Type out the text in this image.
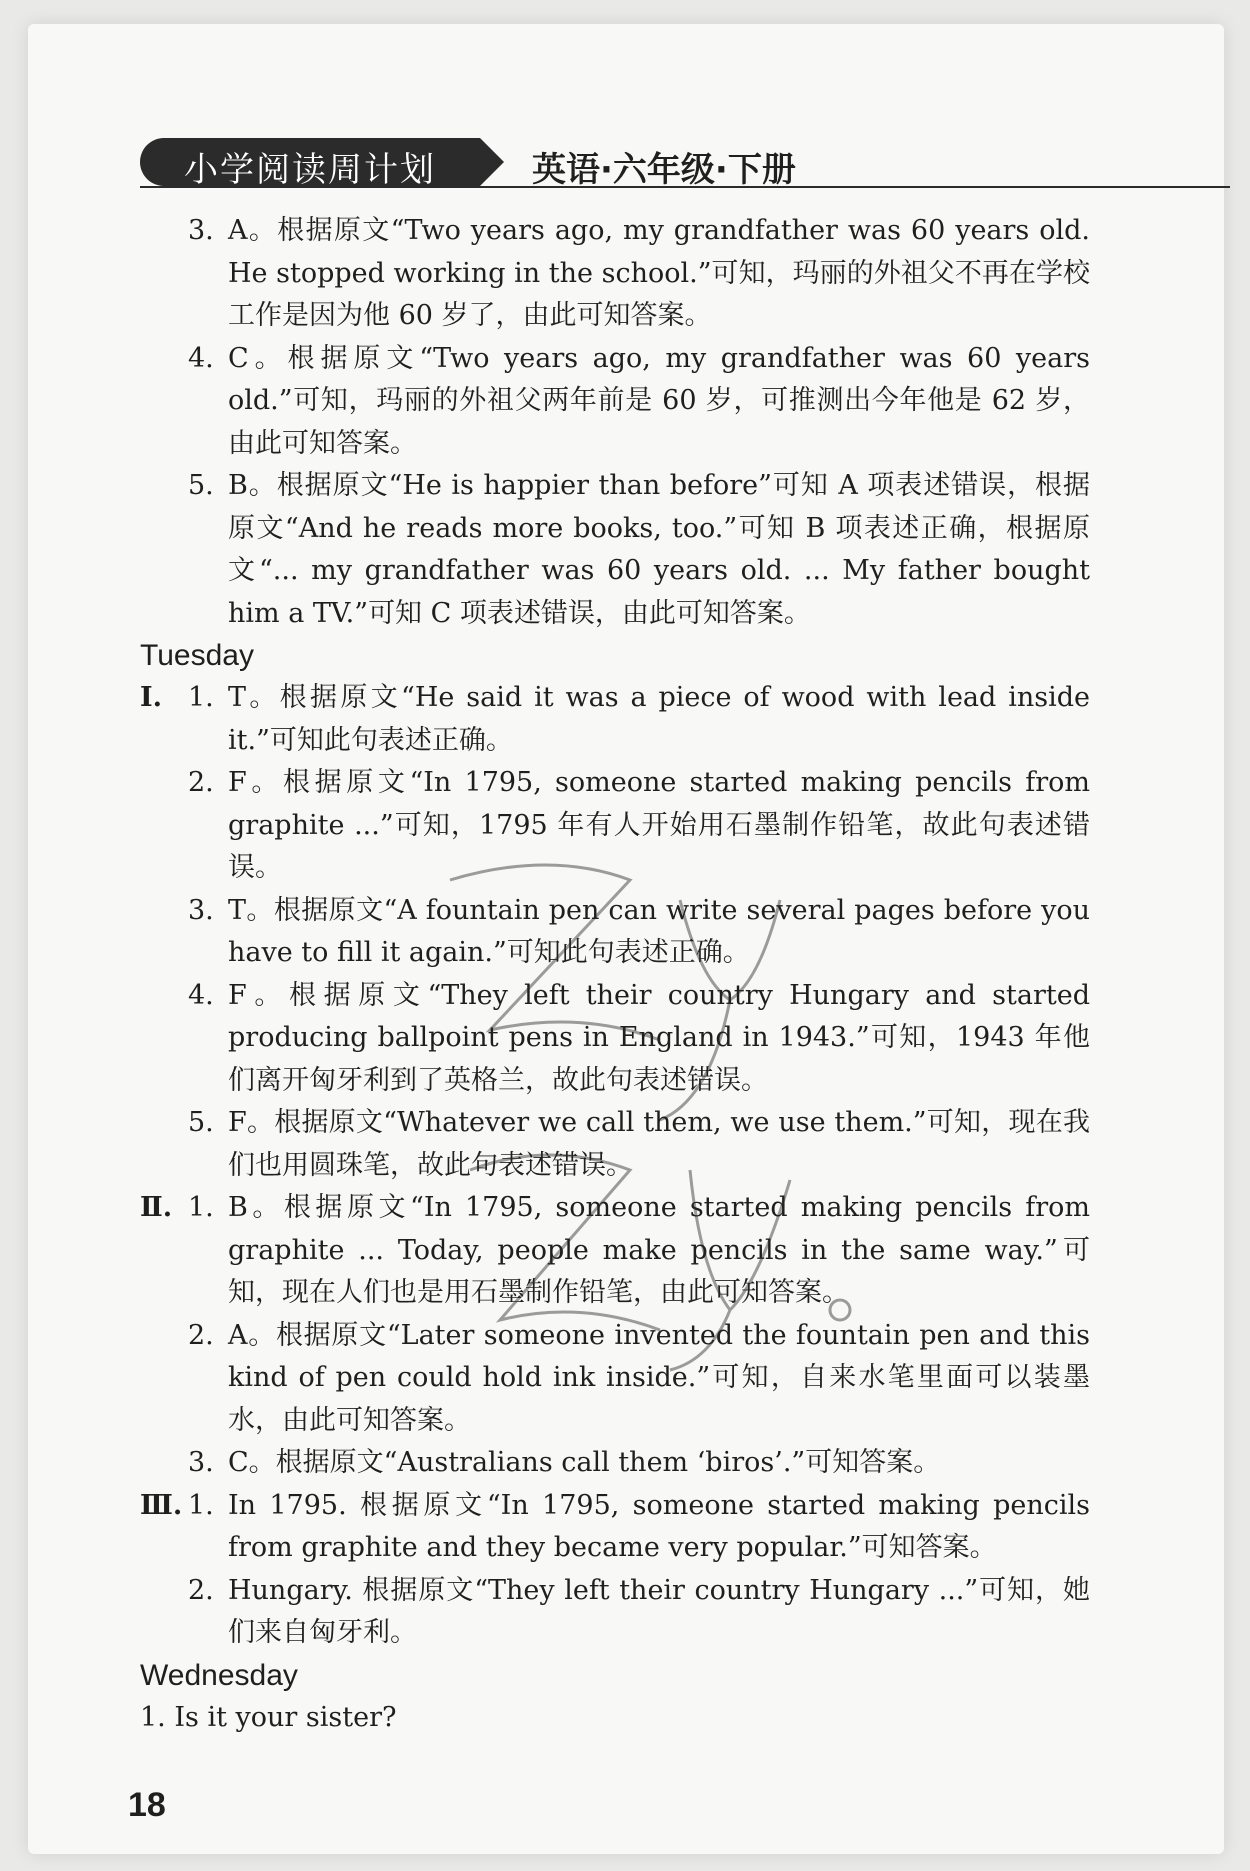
小学阅读周计划	英语·六年级·下册
3. A。根据原文“Two years ago, my grandfather was 60 years old. He stopped working in the school.”可知，玛丽的外祖父不再在学校工作是因为他 60 岁了，由此可知答案。
4. C。根据原文“Two years ago, my grandfather was 60 years old.”可知，玛丽的外祖父两年前是 60 岁，可推测出今年他是 62 岁，由此可知答案。
5. B。根据原文“He is happier than before”可知 A 项表述错误，根据原文“And he reads more books, too.”可知 B 项表述正确，根据原文“... my grandfather was 60 years old. ... My father bought him a TV.”可知 C 项表述错误，由此可知答案。
Tuesday
Ⅰ. 1. T。根据原文“He said it was a piece of wood with lead inside it.”可知此句表述正确。
2. F。根据原文“In 1795, someone started making pencils from graphite ...”可知，1795 年有人开始用石墨制作铅笔，故此句表述错误。
3. T。根据原文“A fountain pen can write several pages before you have to fill it again.”可知此句表述正确。
4. F。根据原文“They left their country Hungary and started producing ballpoint pens in England in 1943.”可知，1943 年他们离开匈牙利到了英格兰，故此句表述错误。
5. F。根据原文“Whatever we call them, we use them.”可知，现在我们也用圆珠笔，故此句表述错误。
Ⅱ. 1. B。根据原文“In 1795, someone started making pencils from graphite ... Today, people make pencils in the same way.”可知，现在人们也是用石墨制作铅笔，由此可知答案。
2. A。根据原文“Later someone invented the fountain pen and this kind of pen could hold ink inside.”可知，自来水笔里面可以装墨水，由此可知答案。
3. C。根据原文“Australians call them ‘biros’.”可知答案。
Ⅲ. 1. In 1795. 根据原文“In 1795, someone started making pencils from graphite and they became very popular.”可知答案。
2. Hungary. 根据原文“They left their country Hungary ...”可知，她们来自匈牙利。
Wednesday
1. Is it your sister?
18
